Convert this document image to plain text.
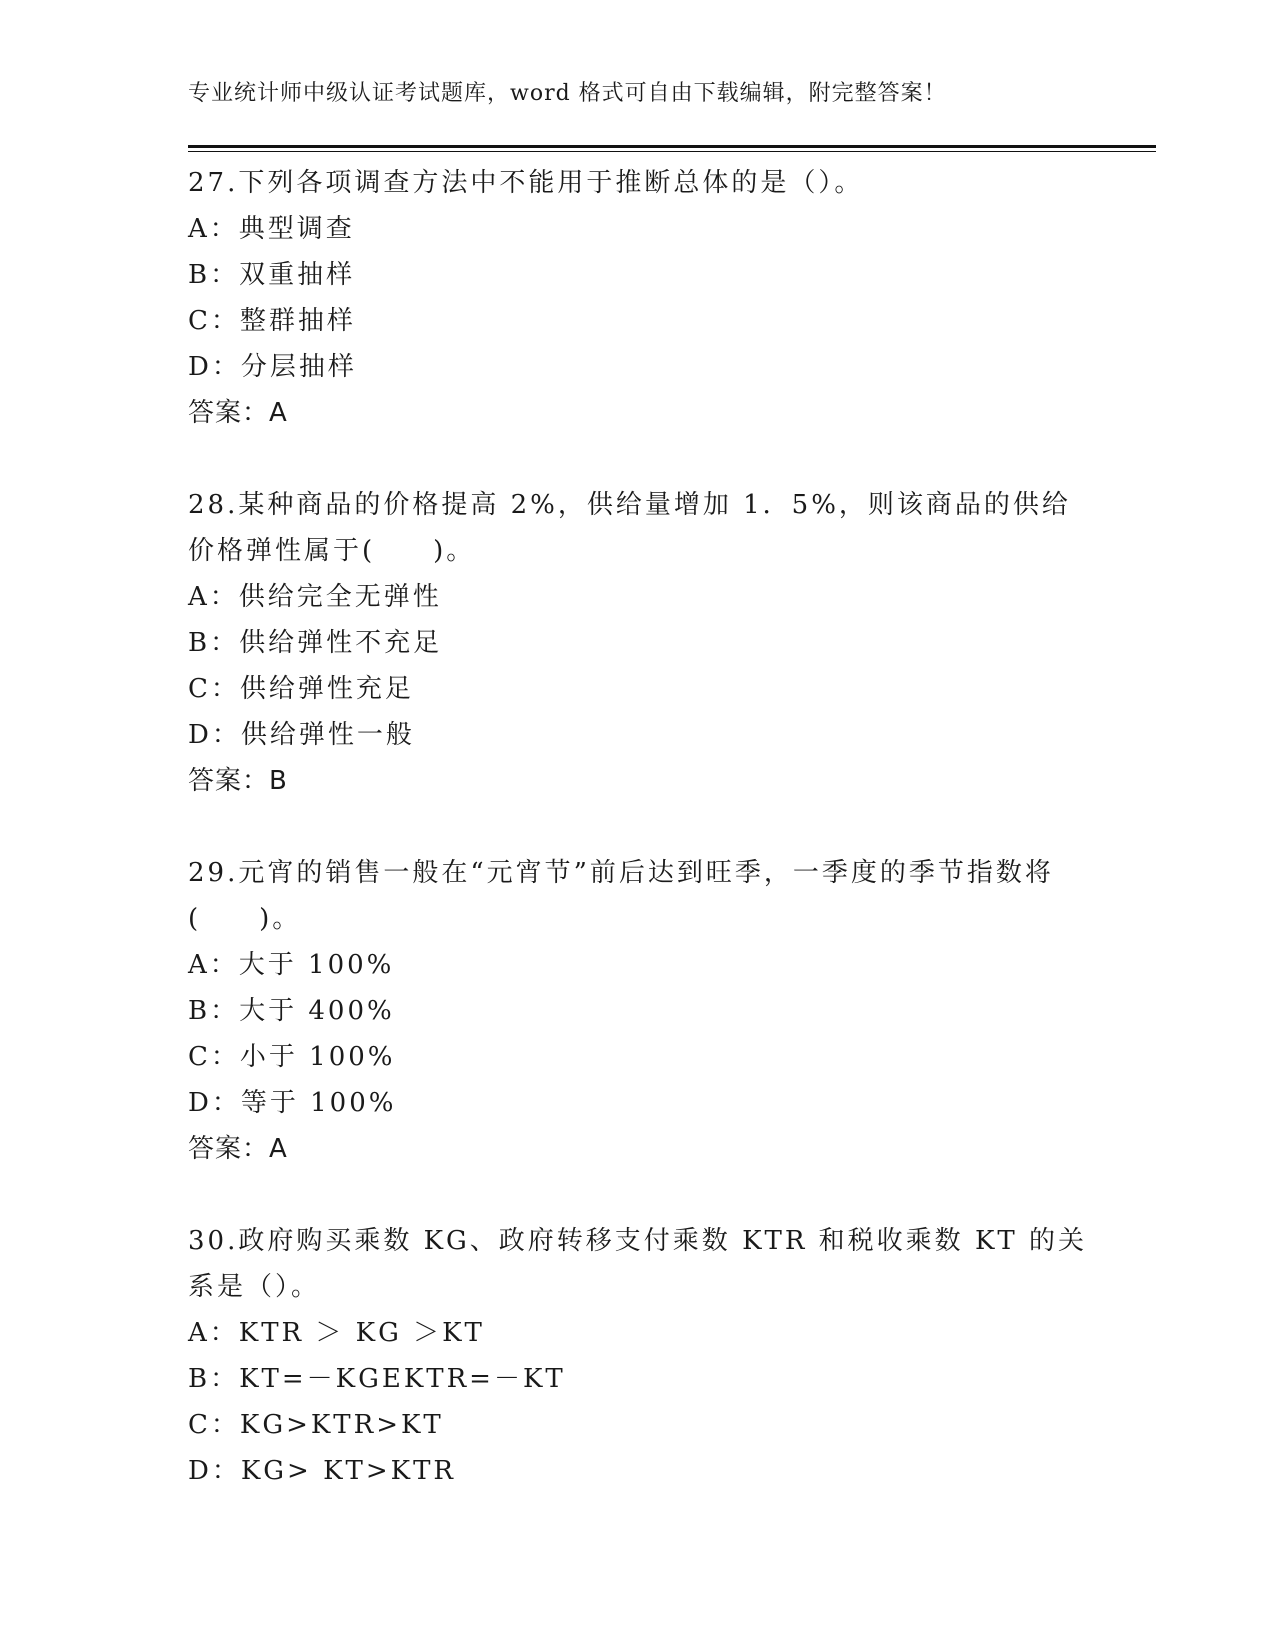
专业统计师中级认证考试题库，word 格式可自由下载编辑，附完整答案！
27.下列各项调查方法中不能用于推断总体的是（）。
A：典型调查
B：双重抽样
C：整群抽样
D：分层抽样
答案：A
28.某种商品的价格提高 2%，供给量增加 1．5%，则该商品的供给价格弹性属于(　　)。
A：供给完全无弹性
B：供给弹性不充足
C：供给弹性充足
D：供给弹性一般
答案：B
29.元宵的销售一般在“元宵节”前后达到旺季，一季度的季节指数将(　　)。
A：大于 100%
B：大于 400%
C：小于 100%
D：等于 100%
答案：A
30.政府购买乘数 KG、政府转移支付乘数 KTR 和税收乘数 KT 的关系是（）。
A：KTR ＞ KG ＞KT
B：KT=－KGEKTR=－KT
C：KG>KTR>KT
D：KG> KT>KTR
